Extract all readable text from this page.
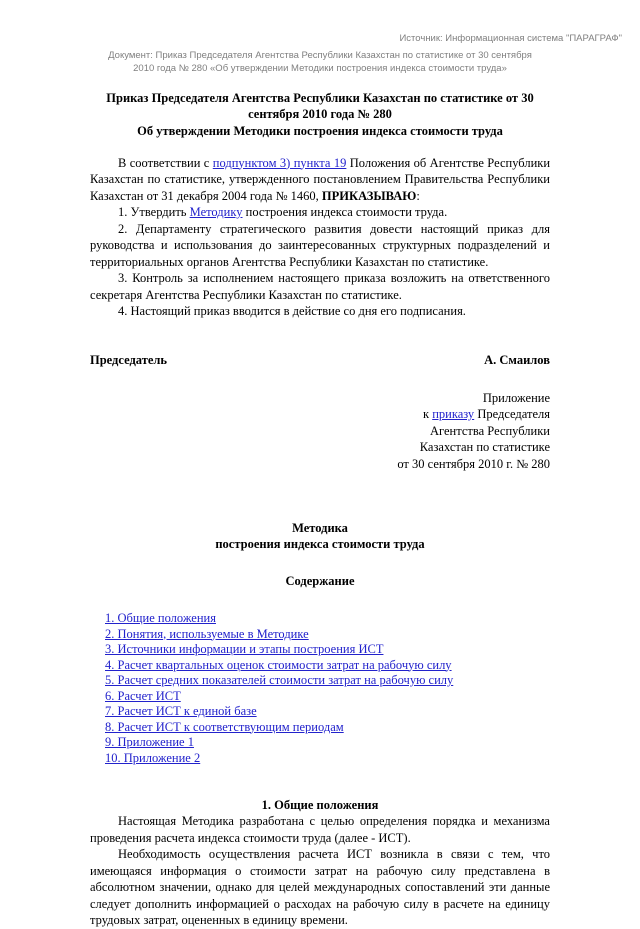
Источник: Информационная система "ПАРАГРАФ"
Документ: Приказ Председателя Агентства Республики Казахстан по статистике от 30 сентября
2010 года № 280 «Об утверждении Методики построения индекса стоимости труда»
Приказ Председателя Агентства Республики Казахстан по статистике от 30 сентября 2010 года № 280
Об утверждении Методики построения индекса стоимости труда

В соответствии с подпунктом 3) пункта 19 Положения об Агентстве Республики Казахстан по статистике, утвержденного постановлением Правительства Республики Казахстан от 31 декабря 2004 года № 1460, ПРИКАЗЫВАЮ:

1. Утвердить Методику построения индекса стоимости труда.

2. Департаменту стратегического развития довести настоящий приказ для руководства и использования до заинтересованных структурных подразделений и территориальных органов Агентства Республики Казахстан по статистике.

3. Контроль за исполнением настоящего приказа возложить на ответственного секретаря Агентства Республики Казахстан по статистике.

4. Настоящий приказ вводится в действие со дня его подписания.

Председатель	А. Смаилов
Приложение
к приказу Председателя
Агентства Республики
Казахстан по статистике
от 30 сентября 2010 г. № 280
Методика
построения индекса стоимости труда
Содержание
1. Общие положения
2. Понятия, используемые в Методике
3. Источники информации и этапы построения ИСТ
4. Расчет квартальных оценок стоимости затрат на рабочую силу
5. Расчет средних показателей стоимости затрат на рабочую силу
6. Расчет ИСТ
7. Расчет ИСТ к единой базе
8. Расчет ИСТ к соответствующим периодам
9. Приложение 1
10. Приложение 2
1. Общие положения

Настоящая Методика разработана с целью определения порядка и механизма проведения расчета индекса стоимости труда (далее - ИСТ).

Необходимость осуществления расчета ИСТ возникла в связи с тем, что имеющаяся информация о стоимости затрат на рабочую силу представлена в абсолютном значении, однако для целей международных сопоставлений эти данные следует дополнить информацией о расходах на рабочую силу в расчете на единицу трудовых затрат, оцененных в единицу времени.
